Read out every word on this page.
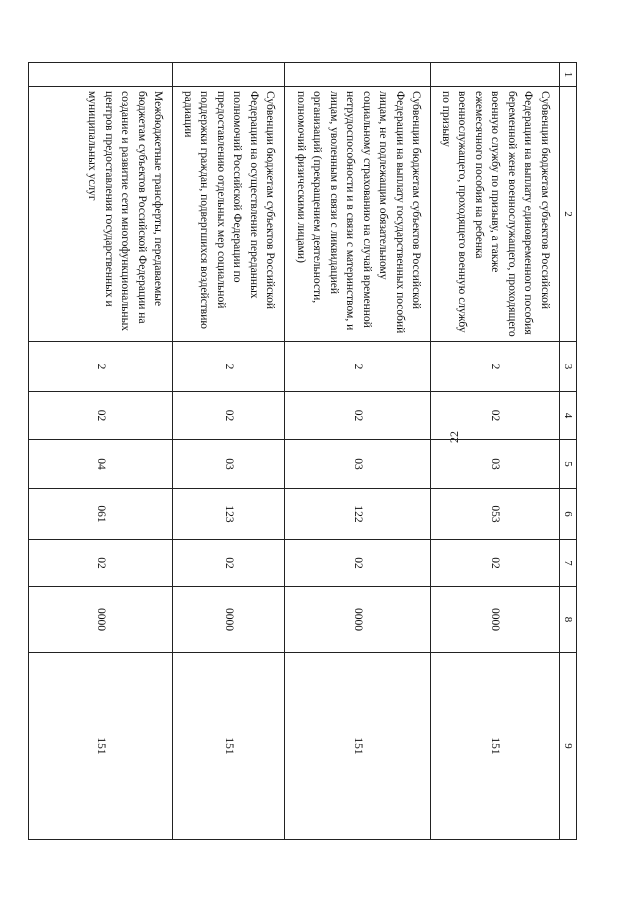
22
1	2	3	4	5	6	7	8	9
	Субвенции бюджетам субъектов Российской Федерации на выплату единовременного пособия беременной жене военнослужащего, проходящего военную службу по призыву, а также ежемесячного пособия на ребенка военнослужащего, проходящего военную службу по призыву	2	02	03	053	02	0000	151
	Субвенции бюджетам субъектов Российской Федерации на выплату государственных пособий лицам, не подлежащим обязательному социальному страхованию на случай временной нетрудоспособности и в связи с материнством, и лицам, уволенным в связи с ликвидацией организаций (прекращением деятельности, полномочий физическими лицами)	2	02	03	122	02	0000	151
	Субвенции бюджетам субъектов Российской Федерации на осуществление переданных полномочий Российской Федерации по предоставлению отдельных мер социальной поддержки граждан, подвергшихся воздействию радиации	2	02	03	123	02	0000	151
	Межбюджетные трансферты, передаваемые бюджетам субъектов Российской Федерации на создание и развитие сети многофункциональных центров предоставления государственных и муниципальных услуг	2	02	04	061	02	0000	151
